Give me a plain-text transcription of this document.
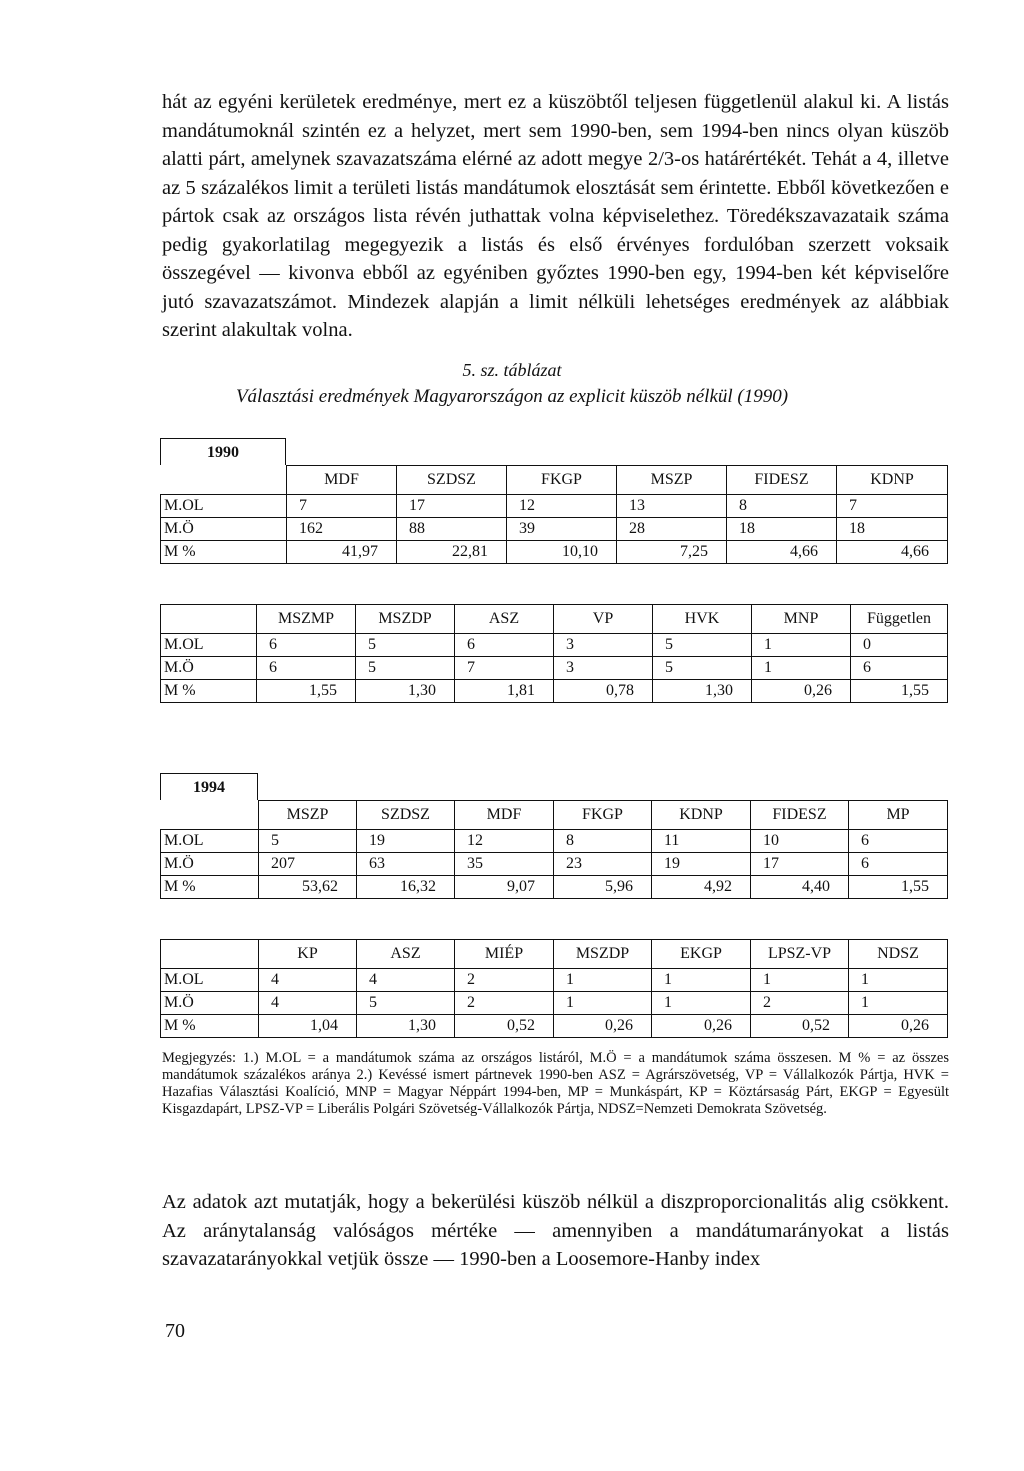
hát az egyéni kerületek eredménye, mert ez a küszöbtől teljesen függetlenül alakul ki. A listás mandátumoknál szintén ez a helyzet, mert sem 1990-ben, sem 1994-ben nincs olyan küszöb alatti párt, amelynek szavazatszáma elérné az adott megye 2/3-os határértékét. Tehát a 4, illetve az 5 százalékos limit a területi listás mandátumok elosztását sem érintette. Ebből következően e pártok csak az országos lista révén juthattak volna képviselethez. Töredékszavazataik száma pedig gyakorlatilag megegyezik a listás és első érvényes fordulóban szerzett voksaik összegével — kivonva ebből az egyéniben győztes 1990-ben egy, 1994-ben két képviselőre jutó szavazatszámot. Mindezek alapján a limit nélküli lehetséges eredmények az alábbiak szerint alakultak volna.

5. sz. táblázat
Választási eredmények Magyarországon az explicit küszöb nélkül (1990)
1990
	MDF	SZDSZ	FKGP	MSZP	FIDESZ	KDNP
M.OL	7	17	12	13	8	7
M.Ö	162	88	39	28	18	18
M %	41,97	22,81	10,10	7,25	4,66	4,66
	MSZMP	MSZDP	ASZ	VP	HVK	MNP	Független
M.OL	6	5	6	3	5	1	0
M.Ö	6	5	7	3	5	1	6
M %	1,55	1,30	1,81	0,78	1,30	0,26	1,55
1994
	MSZP	SZDSZ	MDF	FKGP	KDNP	FIDESZ	MP
M.OL	5	19	12	8	11	10	6
M.Ö	207	63	35	23	19	17	6
M %	53,62	16,32	9,07	5,96	4,92	4,40	1,55
	KP	ASZ	MIÉP	MSZDP	EKGP	LPSZ-VP	NDSZ
M.OL	4	4	2	1	1	1	1
M.Ö	4	5	2	1	1	2	1
M %	1,04	1,30	0,52	0,26	0,26	0,52	0,26

Megjegyzés: 1.) M.OL = a mandátumok száma az országos listáról, M.Ö = a mandátumok száma összesen. M % = az összes mandátumok százalékos aránya 2.) Kevéssé ismert pártnevek 1990-ben ASZ = Agrárszövetség, VP = Vállalkozók Pártja, HVK = Hazafias Választási Koalíció, MNP = Magyar Néppárt 1994-ben, MP = Munkáspárt, KP = Köztársaság Párt, EKGP = Egyesült Kisgazdapárt, LPSZ-VP = Liberális Polgári Szövetség-Vállalkozók Pártja, NDSZ=Nemzeti Demokrata Szövetség.

Az adatok azt mutatják, hogy a bekerülési küszöb nélkül a diszproporcionalitás alig csökkent. Az aránytalanság valóságos mértéke — amennyiben a mandátumarányokat a listás szavazatarányokkal vetjük össze — 1990-ben a Loosemore-Hanby index

70
